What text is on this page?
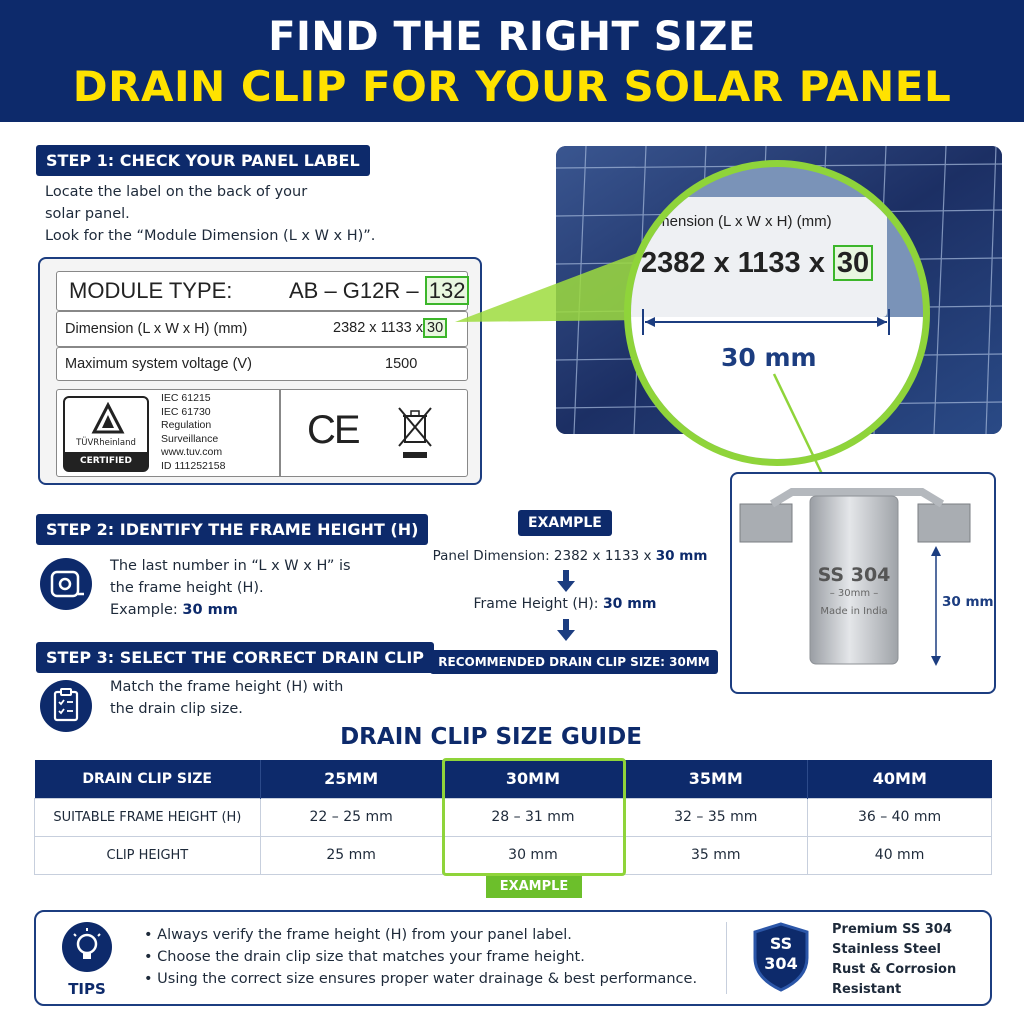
FIND THE RIGHT SIZE
DRAIN CLIP FOR YOUR SOLAR PANEL
STEP 1: CHECK YOUR PANEL LABEL
Locate the label on the back of your
solar panel.
Look for the “Module Dimension (L x W x H)”.
MODULE TYPE:	AB – G12R – 132
Dimension (L x W x H) (mm)	2382 x 1133 x 30
Maximum system voltage (V)	1500
TÜVRheinland
CERTIFIED
IEC 61215
IEC 61730
Regulation
Surveillance
www.tuv.com
ID 111252158
CE
Dimension (L x W x H) (mm)
2382 x 1133 x 30
30 mm
STEP 2: IDENTIFY THE FRAME HEIGHT (H)
The last number in “L x W x H” is
the frame height (H).
Example: 30 mm
STEP 3: SELECT THE CORRECT DRAIN CLIP
Match the frame height (H) with
the drain clip size.
EXAMPLE
Panel Dimension: 2382 x 1133 x 30 mm
Frame Height (H): 30 mm
RECOMMENDED DRAIN CLIP SIZE: 30MM
SS 304
– 30mm –
Made in India
30 mm
DRAIN CLIP SIZE GUIDE
DRAIN CLIP SIZE	25MM	30MM	35MM	40MM
SUITABLE FRAME HEIGHT (H)	22 – 25 mm	28 – 31 mm	32 – 35 mm	36 – 40 mm
CLIP HEIGHT	25 mm	30 mm	35 mm	40 mm
EXAMPLE
TIPS
• Always verify the frame height (H) from your panel label.
• Choose the drain clip size that matches your frame height.
• Using the correct size ensures proper water drainage & best performance.
SS
304
Premium SS 304
Stainless Steel
Rust & Corrosion
Resistant
